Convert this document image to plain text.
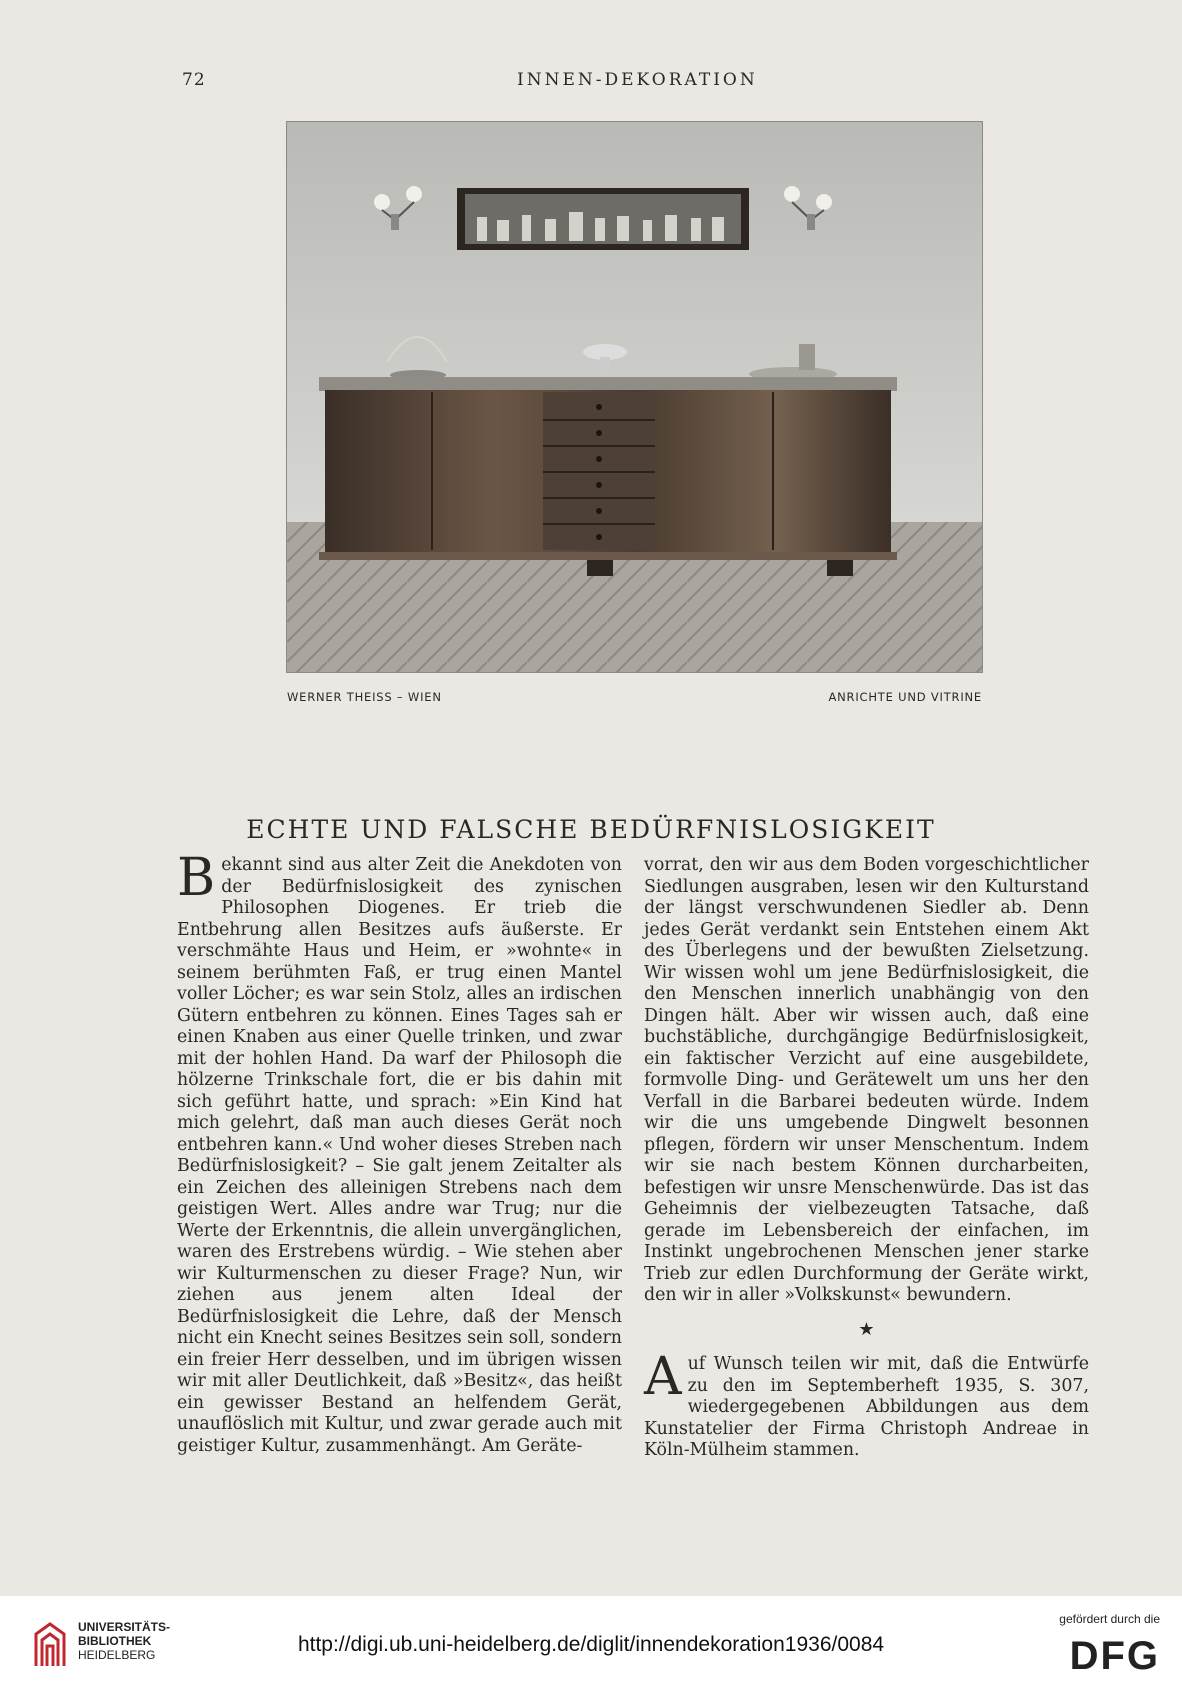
72	INNEN-DEKORATION
WERNER THEISS – WIEN	ANRICHTE UND VITRINE
ECHTE UND FALSCHE BEDÜRFNISLOSIGKEIT

Bekannt sind aus alter Zeit die Anekdoten von der Bedürfnislosigkeit des zynischen Philosophen Diogenes. Er trieb die Entbehrung allen Besitzes aufs äußerste. Er verschmähte Haus und Heim, er »wohnte« in seinem berühmten Faß, er trug einen Mantel voller Löcher; es war sein Stolz, alles an irdischen Gütern entbehren zu können. Eines Tages sah er einen Knaben aus einer Quelle trinken, und zwar mit der hohlen Hand. Da warf der Philosoph die hölzerne Trinkschale fort, die er bis dahin mit sich geführt hatte, und sprach: »Ein Kind hat mich gelehrt, daß man auch dieses Gerät noch entbehren kann.« Und woher dieses Streben nach Bedürfnislosigkeit? – Sie galt jenem Zeitalter als ein Zeichen des alleinigen Strebens nach dem geistigen Wert. Alles andre war Trug; nur die Werte der Erkenntnis, die allein unvergänglichen, waren des Erstrebens würdig. – Wie stehen aber wir Kulturmenschen zu dieser Frage? Nun, wir ziehen aus jenem alten Ideal der Bedürfnislosigkeit die Lehre, daß der Mensch nicht ein Knecht seines Besitzes sein soll, sondern ein freier Herr desselben, und im übrigen wissen wir mit aller Deutlichkeit, daß »Besitz«, das heißt ein gewisser Bestand an helfendem Gerät, unauflöslich mit Kultur, und zwar gerade auch mit geistiger Kultur, zusammenhängt. Am Geräte-

vorrat, den wir aus dem Boden vorgeschichtlicher Siedlungen ausgraben, lesen wir den Kulturstand der längst verschwundenen Siedler ab. Denn jedes Gerät verdankt sein Entstehen einem Akt des Überlegens und der bewußten Zielsetzung. Wir wissen wohl um jene Bedürfnislosigkeit, die den Menschen innerlich unabhängig von den Dingen hält. Aber wir wissen auch, daß eine buchstäbliche, durchgängige Bedürfnislosigkeit, ein faktischer Verzicht auf eine ausgebildete, formvolle Ding- und Gerätewelt um uns her den Verfall in die Barbarei bedeuten würde. Indem wir die uns umgebende Dingwelt besonnen pflegen, fördern wir unser Menschentum. Indem wir sie nach bestem Können durcharbeiten, befestigen wir unsre Menschenwürde. Das ist das Geheimnis der vielbezeugten Tatsache, daß gerade im Lebensbereich der einfachen, im Instinkt ungebrochenen Menschen jener starke Trieb zur edlen Durchformung der Geräte wirkt, den wir in aller »Volkskunst« bewundern.

★

Auf Wunsch teilen wir mit, daß die Entwürfe zu den im Septemberheft 1935, S. 307, wiedergegebenen Abbildungen aus dem Kunstatelier der Firma Christoph Andreae in Köln-Mülheim stammen.

UNIVERSITÄTS-
BIBLIOTHEK
HEIDELBERG	http://digi.ub.uni-heidelberg.de/diglit/innendekoration1936/0084
gefördert durch die
DFG
